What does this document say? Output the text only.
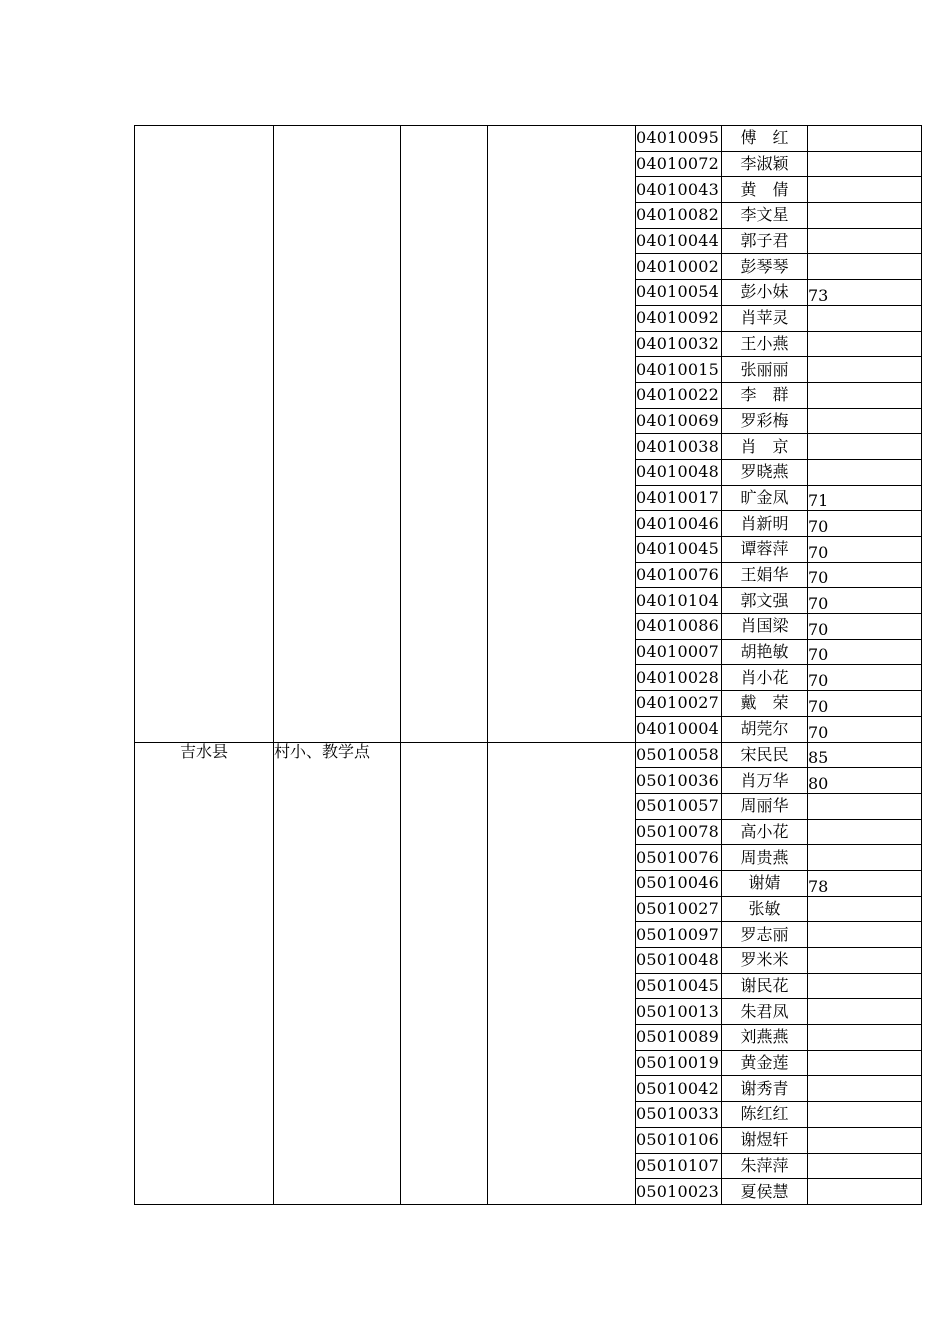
				04010095	傅　红	
				04010072	李淑颖	
				04010043	黄　倩	
				04010082	李文星	
				04010044	郭子君	
				04010002	彭琴琴	
				04010054	彭小妹	73
				04010092	肖苹灵	
				04010032	王小燕	
				04010015	张丽丽	
				04010022	李　群	
				04010069	罗彩梅	
				04010038	肖　京	
				04010048	罗晓燕	
				04010017	旷金凤	71
				04010046	肖新明	70
				04010045	谭蓉萍	70
				04010076	王娟华	70
				04010104	郭文强	70
				04010086	肖国梁	70
				04010007	胡艳敏	70
				04010028	肖小花	70
				04010027	戴　荣	70
				04010004	胡莞尔	70
吉水县	村小、教学点			05010058	宋民民	85
				05010036	肖万华	80
				05010057	周丽华	
				05010078	高小花	
				05010076	周贵燕	
				05010046	谢婧	78
				05010027	张敏	
				05010097	罗志丽	
				05010048	罗米米	
				05010045	谢民花	
				05010013	朱君凤	
				05010089	刘燕燕	
				05010019	黄金莲	
				05010042	谢秀青	
				05010033	陈红红	
				05010106	谢煜轩	
				05010107	朱萍萍	
				05010023	夏侯慧	
